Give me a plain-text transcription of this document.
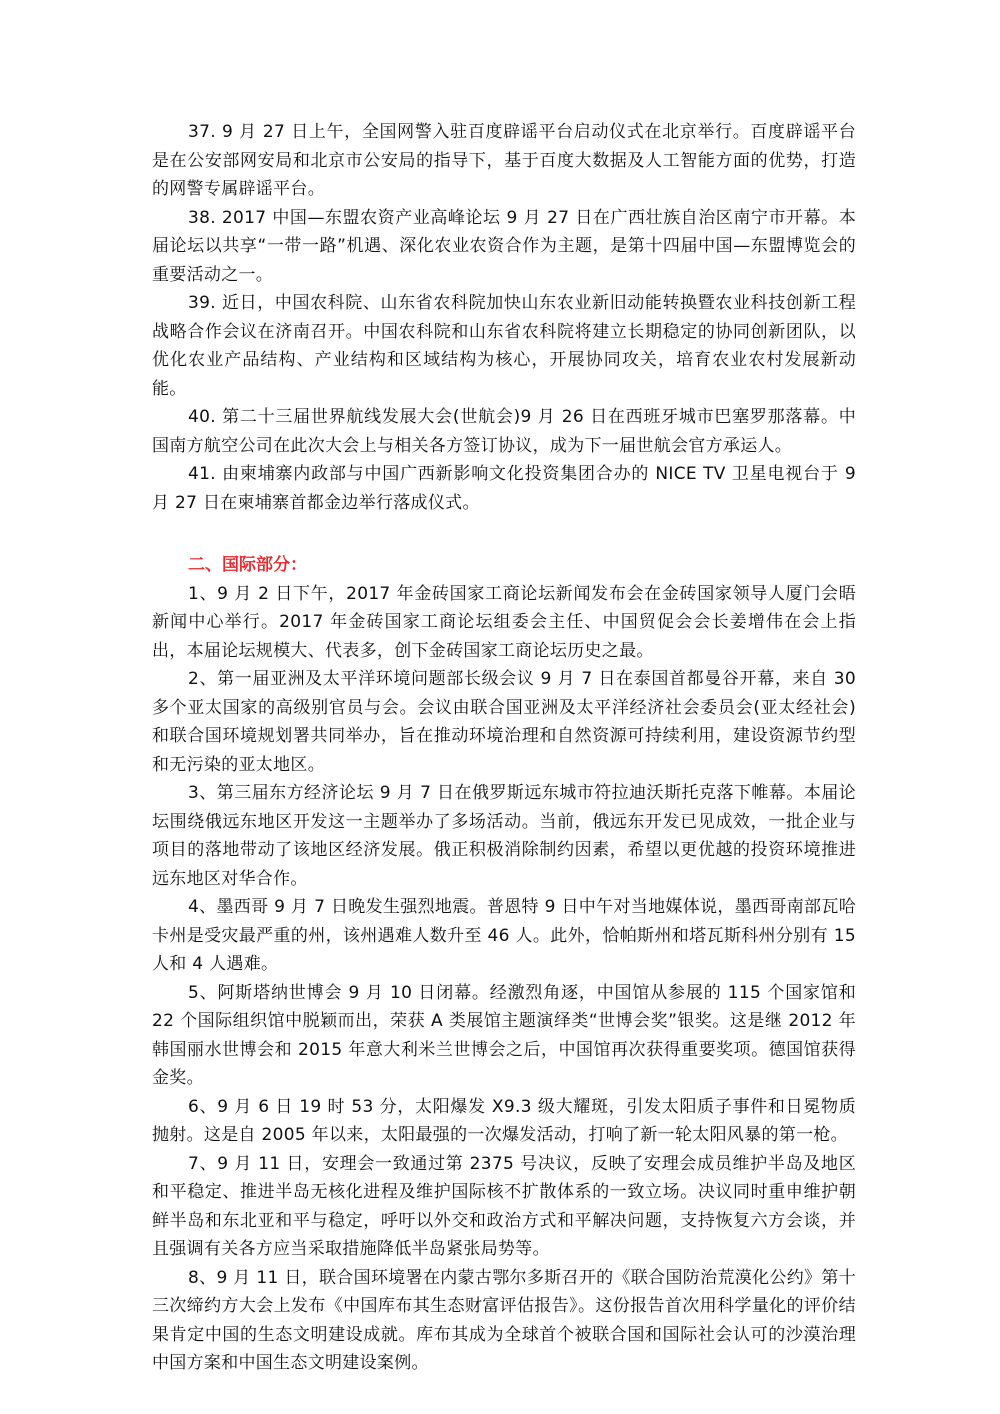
37. 9 月 27 日上午，全国网警入驻百度辟谣平台启动仪式在北京举行。百度辟谣平台是在公安部网安局和北京市公安局的指导下，基于百度大数据及人工智能方面的优势，打造的网警专属辟谣平台。

38. 2017 中国—东盟农资产业高峰论坛 9 月 27 日在广西壮族自治区南宁市开幕。本届论坛以共享“一带一路”机遇、深化农业农资合作为主题，是第十四届中国—东盟博览会的重要活动之一。

39. 近日，中国农科院、山东省农科院加快山东农业新旧动能转换暨农业科技创新工程战略合作会议在济南召开。中国农科院和山东省农科院将建立长期稳定的协同创新团队，以优化农业产品结构、产业结构和区域结构为核心，开展协同攻关，培育农业农村发展新动能。

40. 第二十三届世界航线发展大会(世航会)9 月 26 日在西班牙城市巴塞罗那落幕。中国南方航空公司在此次大会上与相关各方签订协议，成为下一届世航会官方承运人。

41. 由柬埔寨内政部与中国广西新影响文化投资集团合办的 NICE TV 卫星电视台于 9 月 27 日在柬埔寨首都金边举行落成仪式。

二、国际部分：

1、9 月 2 日下午，2017 年金砖国家工商论坛新闻发布会在金砖国家领导人厦门会晤新闻中心举行。2017 年金砖国家工商论坛组委会主任、中国贸促会会长姜增伟在会上指出，本届论坛规模大、代表多，创下金砖国家工商论坛历史之最。

2、第一届亚洲及太平洋环境问题部长级会议 9 月 7 日在泰国首都曼谷开幕，来自 30 多个亚太国家的高级别官员与会。会议由联合国亚洲及太平洋经济社会委员会(亚太经社会)和联合国环境规划署共同举办，旨在推动环境治理和自然资源可持续利用，建设资源节约型和无污染的亚太地区。

3、第三届东方经济论坛 9 月 7 日在俄罗斯远东城市符拉迪沃斯托克落下帷幕。本届论坛围绕俄远东地区开发这一主题举办了多场活动。当前，俄远东开发已见成效，一批企业与项目的落地带动了该地区经济发展。俄正积极消除制约因素，希望以更优越的投资环境推进远东地区对华合作。

4、墨西哥 9 月 7 日晚发生强烈地震。普恩特 9 日中午对当地媒体说，墨西哥南部瓦哈卡州是受灾最严重的州，该州遇难人数升至 46 人。此外，恰帕斯州和塔瓦斯科州分别有 15 人和 4 人遇难。

5、阿斯塔纳世博会 9 月 10 日闭幕。经激烈角逐，中国馆从参展的 115 个国家馆和 22 个国际组织馆中脱颖而出，荣获 A 类展馆主题演绎类“世博会奖”银奖。这是继 2012 年韩国丽水世博会和 2015 年意大利米兰世博会之后，中国馆再次获得重要奖项。德国馆获得金奖。

6、9 月 6 日 19 时 53 分，太阳爆发 X9.3 级大耀斑，引发太阳质子事件和日冕物质抛射。这是自 2005 年以来，太阳最强的一次爆发活动，打响了新一轮太阳风暴的第一枪。

7、9 月 11 日，安理会一致通过第 2375 号决议，反映了安理会成员维护半岛及地区和平稳定、推进半岛无核化进程及维护国际核不扩散体系的一致立场。决议同时重申维护朝鲜半岛和东北亚和平与稳定，呼吁以外交和政治方式和平解决问题，支持恢复六方会谈，并且强调有关各方应当采取措施降低半岛紧张局势等。

8、9 月 11 日，联合国环境署在内蒙古鄂尔多斯召开的《联合国防治荒漠化公约》第十三次缔约方大会上发布《中国库布其生态财富评估报告》。这份报告首次用科学量化的评价结果肯定中国的生态文明建设成就。库布其成为全球首个被联合国和国际社会认可的沙漠治理中国方案和中国生态文明建设案例。
